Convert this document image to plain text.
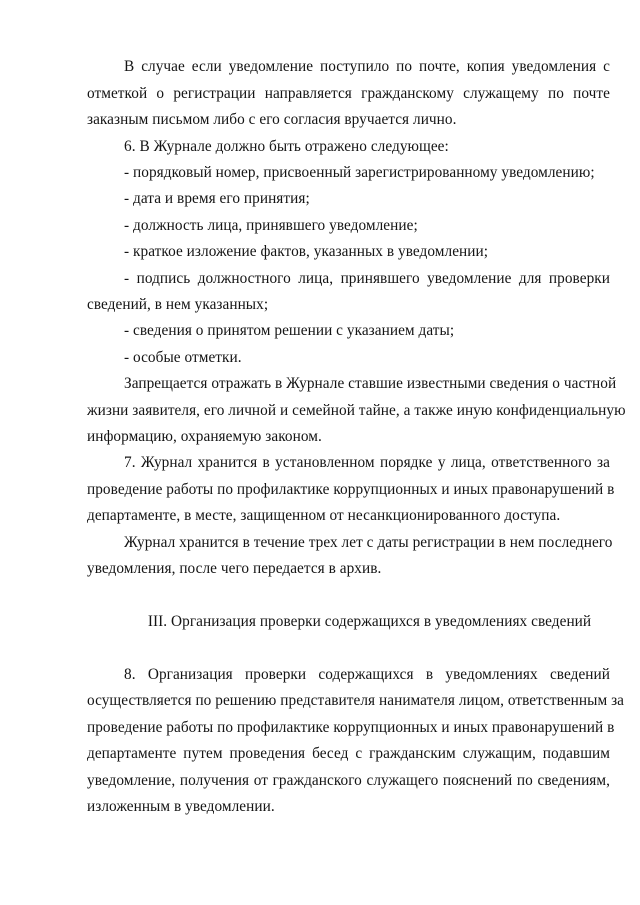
В случае если уведомление поступило по почте, копия уведомления с
отметкой о регистрации направляется гражданскому служащему по почте
заказным письмом либо с его согласия вручается лично.
6. В Журнале должно быть отражено следующее:
- порядковый номер, присвоенный зарегистрированному уведомлению;
- дата и время его принятия;
- должность лица, принявшего уведомление;
- краткое изложение фактов, указанных в уведомлении;
- подпись должностного лица, принявшего уведомление для проверки
сведений, в нем указанных;
- сведения о принятом решении с указанием даты;
- особые отметки.
Запрещается отражать в Журнале ставшие известными сведения о частной
жизни заявителя, его личной и семейной тайне, а также иную конфиденциальную
информацию, охраняемую законом.
7. Журнал хранится в установленном порядке у лица, ответственного за
проведение работы по профилактике коррупционных и иных правонарушений в
департаменте, в месте, защищенном от несанкционированного доступа.
Журнал хранится в течение трех лет с даты регистрации в нем последнего
уведомления, после чего передается в архив.
III. Организация проверки содержащихся в уведомлениях сведений
8. Организация проверки содержащихся в уведомлениях сведений
осуществляется по решению представителя нанимателя лицом, ответственным за
проведение работы по профилактике коррупционных и иных правонарушений в
департаменте путем проведения бесед с гражданским служащим, подавшим
уведомление, получения от гражданского служащего пояснений по сведениям,
изложенным в уведомлении.
